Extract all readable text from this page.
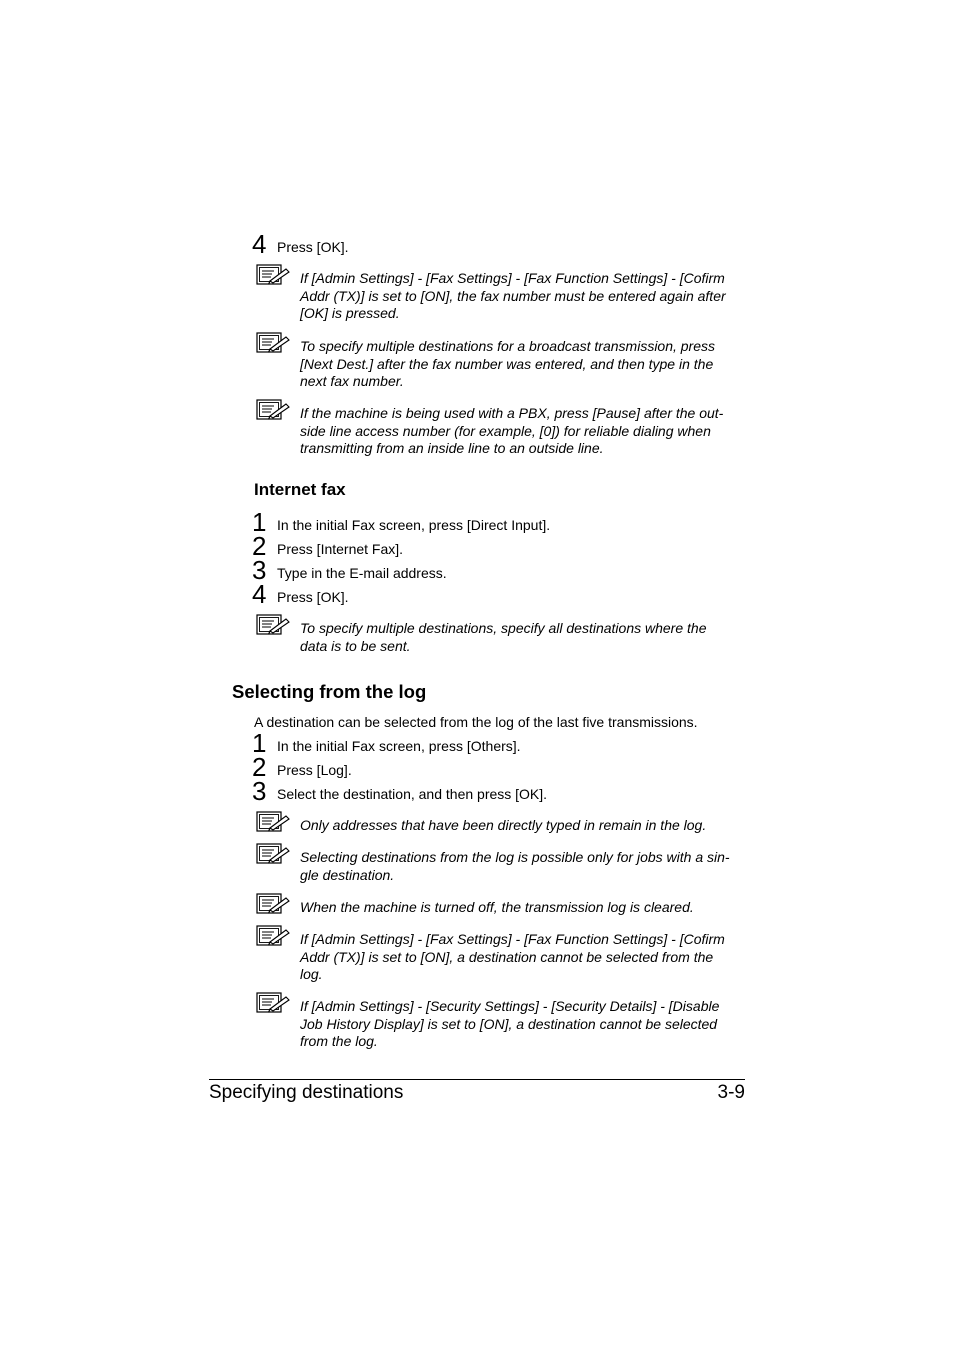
4 Press [OK].
If [Admin Settings] - [Fax Settings] - [Fax Function Settings] - [Cofirm
Addr (TX)] is set to [ON], the fax number must be entered again after
[OK] is pressed.
To specify multiple destinations for a broadcast transmission, press
[Next Dest.] after the fax number was entered, and then type in the
next fax number.
If the machine is being used with a PBX, press [Pause] after the out-
side line access number (for example, [0]) for reliable dialing when
transmitting from an inside line to an outside line.
Internet fax
1 In the initial Fax screen, press [Direct Input].
2 Press [Internet Fax].
3 Type in the E-mail address.
4 Press [OK].
To specify multiple destinations, specify all destinations where the
data is to be sent.
Selecting from the log
A destination can be selected from the log of the last five transmissions.
1 In the initial Fax screen, press [Others].
2 Press [Log].
3 Select the destination, and then press [OK].
Only addresses that have been directly typed in remain in the log.
Selecting destinations from the log is possible only for jobs with a sin-
gle destination.
When the machine is turned off, the transmission log is cleared.
If [Admin Settings] - [Fax Settings] - [Fax Function Settings] - [Cofirm
Addr (TX)] is set to [ON], a destination cannot be selected from the
log.
If [Admin Settings] - [Security Settings] - [Security Details] - [Disable
Job History Display] is set to [ON], a destination cannot be selected
from the log.
Specifying destinations	3-9
